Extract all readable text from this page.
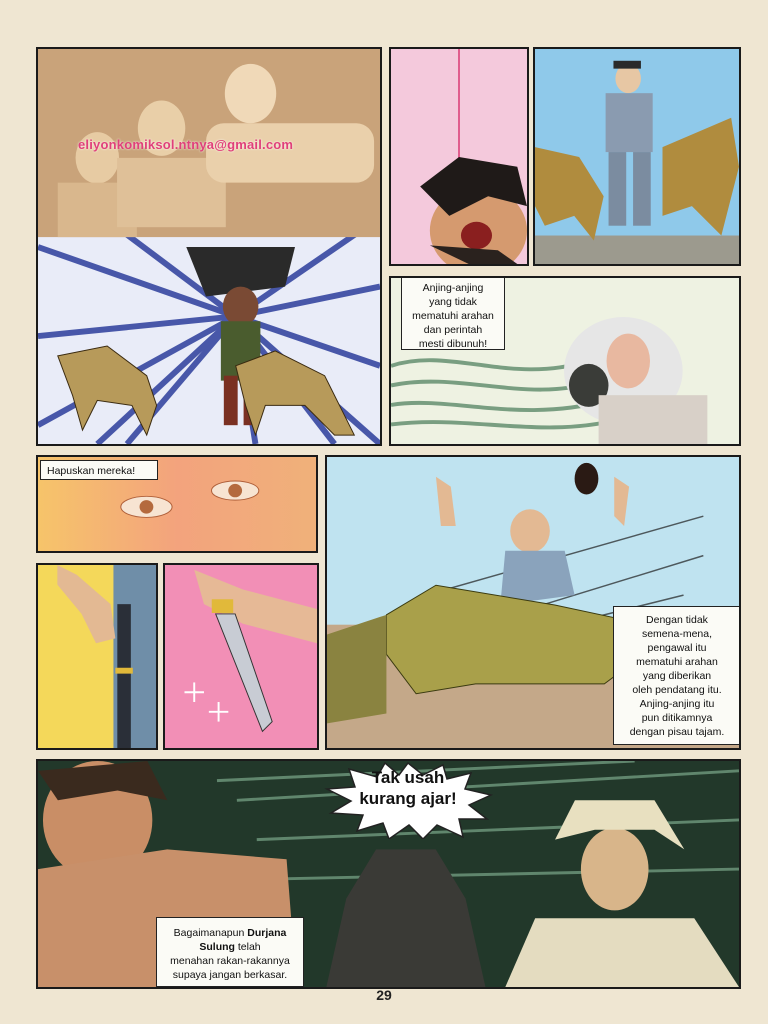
eliyonkomiksol.ntnya@gmail.com
Anjing-anjing
yang tidak
mematuhi arahan
dan perintah
mesti dibunuh!
Hapuskan mereka!
Dengan tidak
semena-mena,
pengawal itu
mematuhi arahan
yang diberikan
oleh pendatang itu.
Anjing-anjing itu
pun ditikamnya
dengan pisau tajam.
Tak usah
kurang ajar!
Bagaimanapun Durjana Sulung telah
menahan rakan-rakannya
supaya jangan berkasar.
29
